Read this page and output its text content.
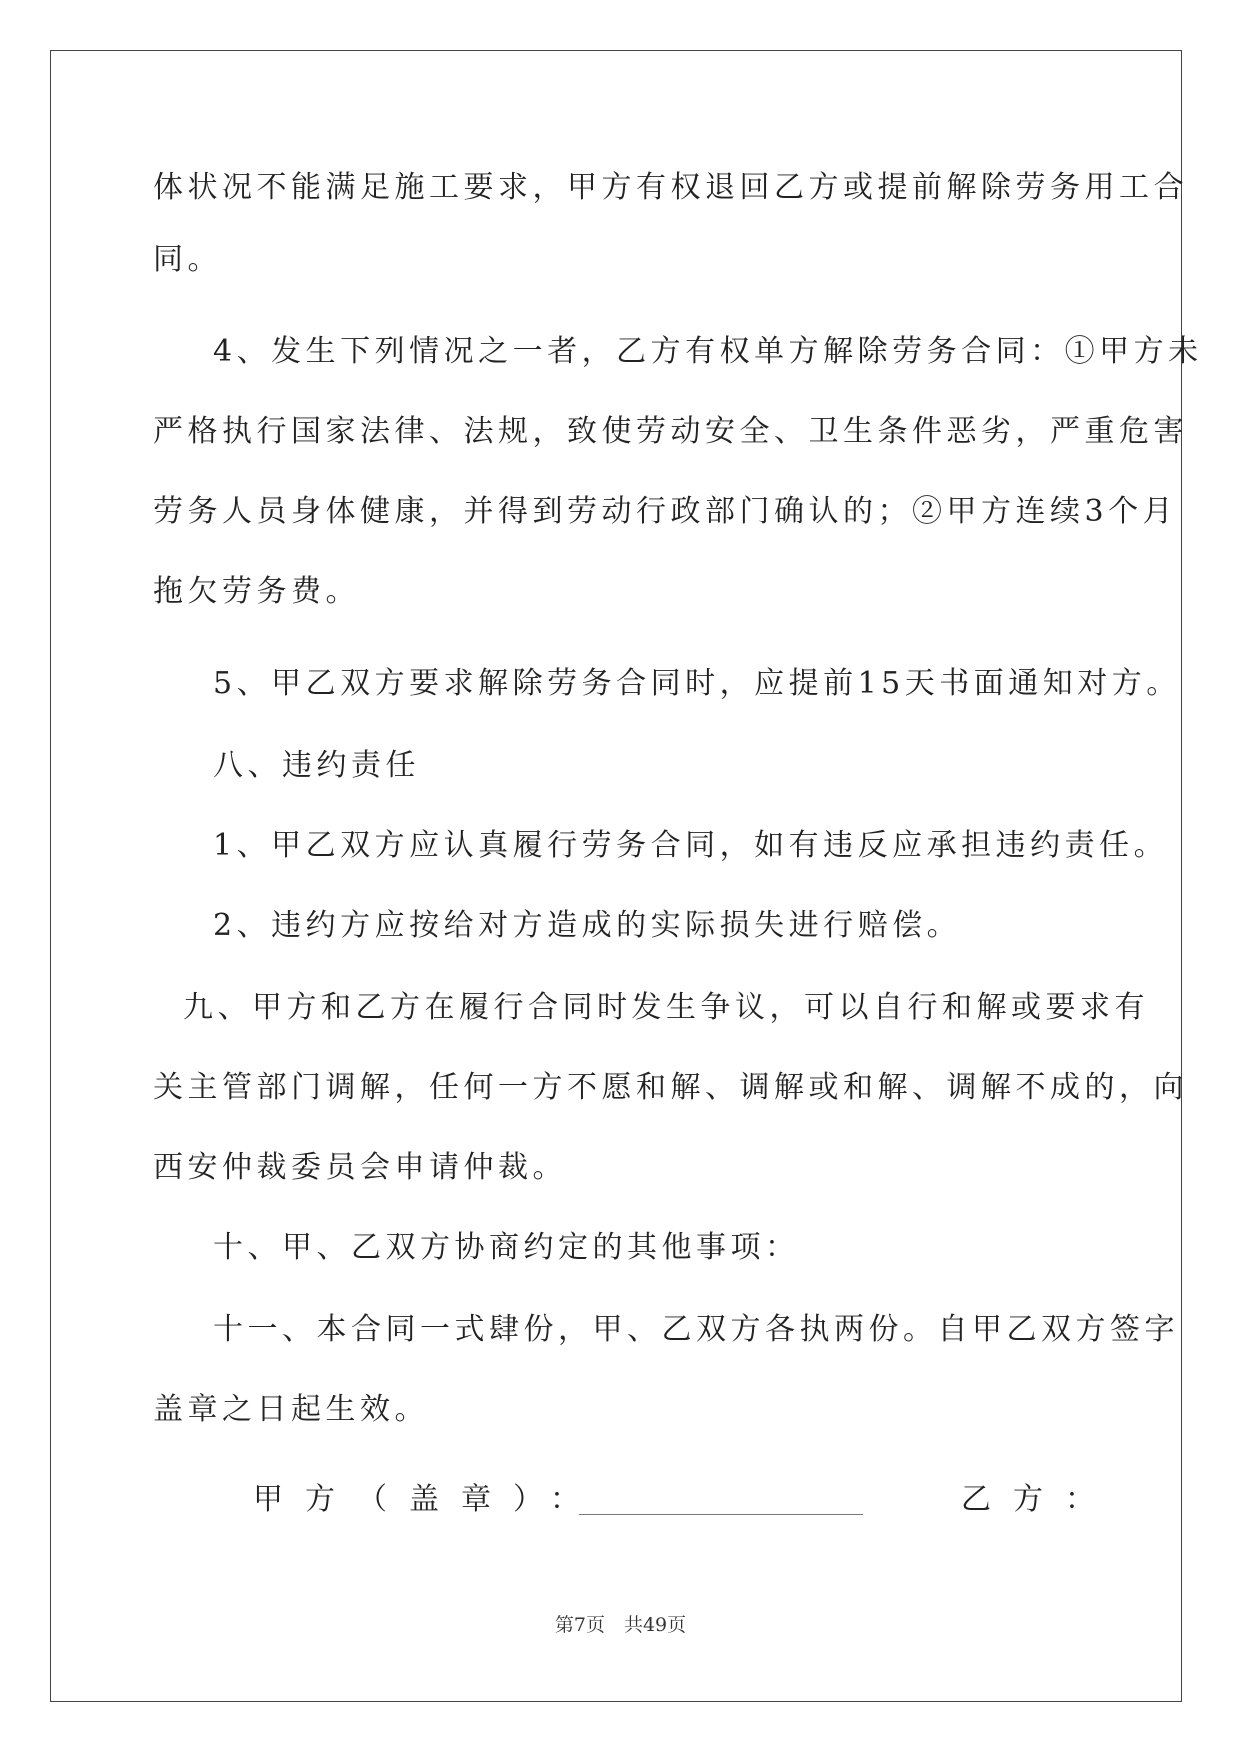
体状况不能满足施工要求，甲方有权退回乙方或提前解除劳务用工合
同。
4、发生下列情况之一者，乙方有权单方解除劳务合同：①甲方未
严格执行国家法律、法规，致使劳动安全、卫生条件恶劣，严重危害
劳务人员身体健康，并得到劳动行政部门确认的；②甲方连续3个月
拖欠劳务费。
5、甲乙双方要求解除劳务合同时，应提前15天书面通知对方。
八、违约责任
1、甲乙双方应认真履行劳务合同，如有违反应承担违约责任。
2、违约方应按给对方造成的实际损失进行赔偿。
九、甲方和乙方在履行合同时发生争议，可以自行和解或要求有
关主管部门调解，任何一方不愿和解、调解或和解、调解不成的，向
西安仲裁委员会申请仲裁。
十、甲、乙双方协商约定的其他事项：
十一、本合同一式肆份，甲、乙双方各执两份。自甲乙双方签字
盖章之日起生效。
甲方（盖章）：	乙方：
第7页　共49页
